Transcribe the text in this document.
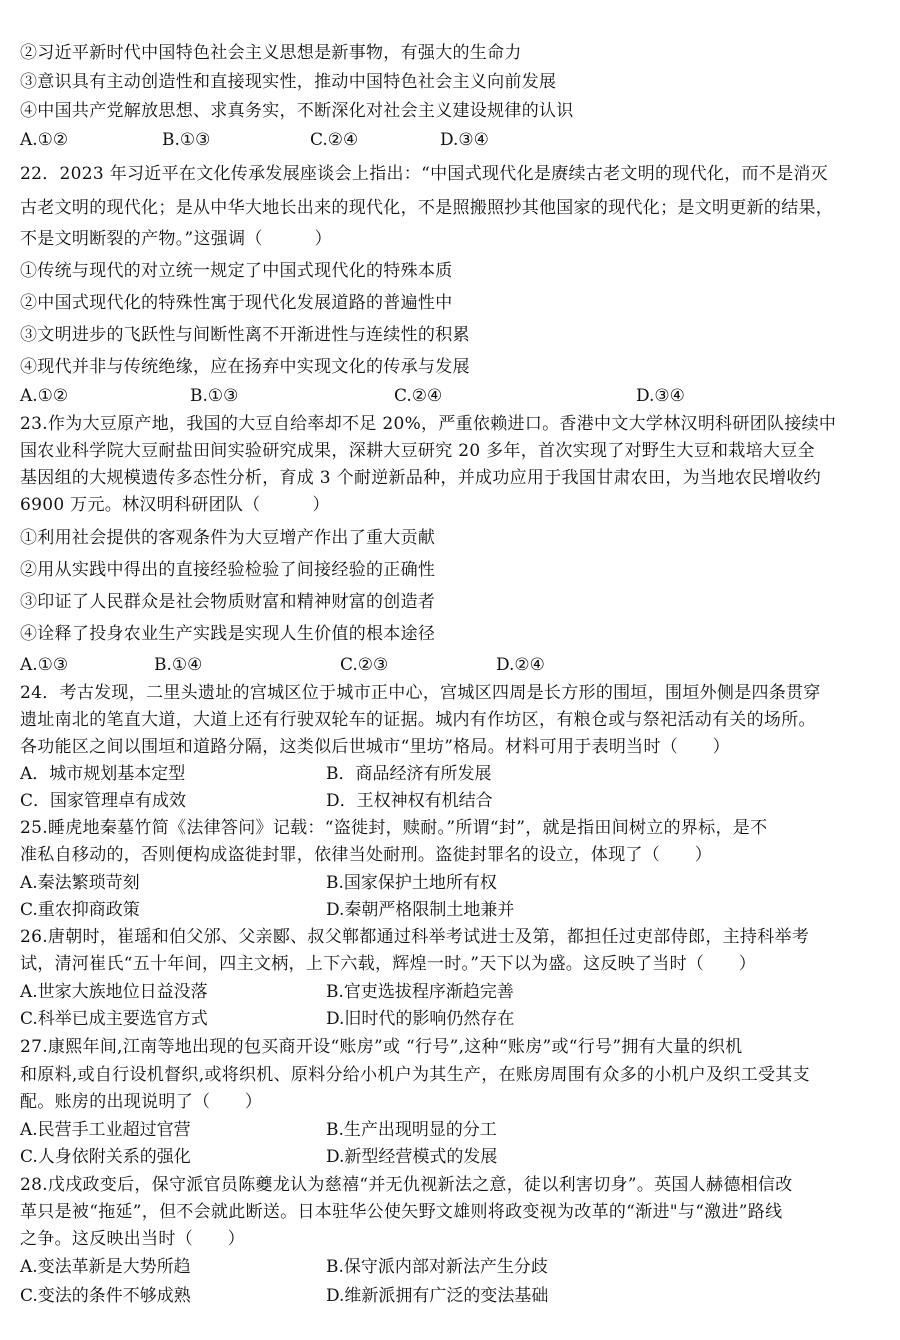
②习近平新时代中国特色社会主义思想是新事物，有强大的生命力
③意识具有主动创造性和直接现实性，推动中国特色社会主义向前发展
④中国共产党解放思想、求真务实，不断深化对社会主义建设规律的认识
A.①②	B.①③	C.②④	D.③④
22．2023 年习近平在文化传承发展座谈会上指出：“中国式现代化是赓续古老文明的现代化，而不是消灭
古老文明的现代化；是从中华大地长出来的现代化，不是照搬照抄其他国家的现代化；是文明更新的结果，
不是文明断裂的产物。”这强调（　　　）
①传统与现代的对立统一规定了中国式现代化的特殊本质
②中国式现代化的特殊性寓于现代化发展道路的普遍性中
③文明进步的飞跃性与间断性离不开渐进性与连续性的积累
④现代并非与传统绝缘，应在扬弃中实现文化的传承与发展
A.①②	B.①③	C.②④	D.③④
23.作为大豆原产地，我国的大豆自给率却不足 20%，严重依赖进口。香港中文大学林汉明科研团队接续中
国农业科学院大豆耐盐田间实验研究成果，深耕大豆研究 20 多年，首次实现了对野生大豆和栽培大豆全
基因组的大规模遗传多态性分析，育成 3 个耐逆新品种，并成功应用于我国甘肃农田，为当地农民增收约
6900 万元。林汉明科研团队（　　　）
①利用社会提供的客观条件为大豆增产作出了重大贡献
②用从实践中得出的直接经验检验了间接经验的正确性
③印证了人民群众是社会物质财富和精神财富的创造者
④诠释了投身农业生产实践是实现人生价值的根本途径
A.①③	B.①④	C.②③	D.②④
24．考古发现，二里头遗址的宫城区位于城市正中心，宫城区四周是长方形的围垣，围垣外侧是四条贯穿
遗址南北的笔直大道，大道上还有行驶双轮车的证据。城内有作坊区，有粮仓或与祭祀活动有关的场所。
各功能区之间以围垣和道路分隔，这类似后世城市“里坊”格局。材料可用于表明当时（　　）
A．城市规划基本定型	B．商品经济有所发展
C．国家管理卓有成效	D．王权神权有机结合
25.睡虎地秦墓竹简《法律答问》记载：“盗徙封，赎耐。”所谓“封”，就是指田间树立的界标，是不
准私自移动的，否则便构成盗徙封罪，依律当处耐刑。盗徙封罪名的设立，体现了（　　）
A.秦法繁琐苛刻	B.国家保护土地所有权
C.重农抑商政策	D.秦朝严格限制土地兼并
26.唐朝时，崔瑶和伯父邠、父亲郾、叔父郸都通过科举考试进士及第，都担任过吏部侍郎，主持科举考
试，清河崔氏“五十年间，四主文柄，上下六载，辉煌一时。”天下以为盛。这反映了当时（　　）
A.世家大族地位日益没落	B.官吏选拔程序渐趋完善
C.科举已成主要选官方式	D.旧时代的影响仍然存在
27.康熙年间,江南等地出现的包买商开设“账房”或 “行号”,这种“账房”或“行号”拥有大量的织机
和原料,或自行设机督织,或将织机、原料分给小机户为其生产，在账房周围有众多的小机户及织工受其支
配。账房的出现说明了（　　）
A.民营手工业超过官营	B.生产出现明显的分工
C.人身依附关系的强化	D.新型经营模式的发展
28.戊戌政变后，保守派官员陈夔龙认为慈禧“并无仇视新法之意，徒以利害切身”。英国人赫德相信改
革只是被“拖延”，但不会就此断送。日本驻华公使矢野文雄则将政变视为改革的“渐进"与“激进”路线
之争。这反映出当时（　　）
A.变法革新是大势所趋	B.保守派内部对新法产生分歧
C.变法的条件不够成熟	D.维新派拥有广泛的变法基础
